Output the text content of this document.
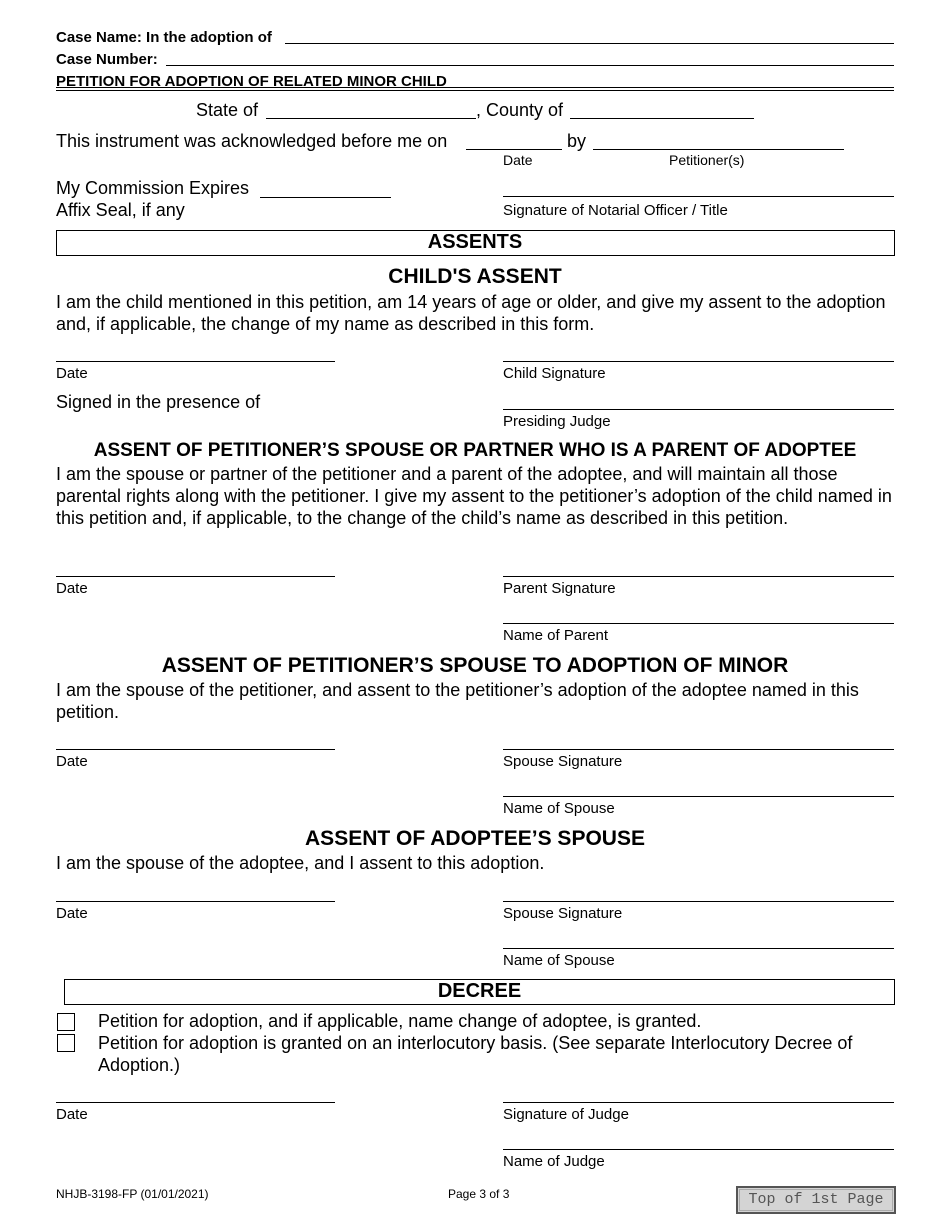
Case Name: In the adoption of
Case Number:
PETITION FOR ADOPTION OF RELATED MINOR CHILD
State of	, County of
This instrument was acknowledged before me on	by
Date	Petitioner(s)
My Commission Expires
Affix Seal, if any	Signature of Notarial Officer / Title
ASSENTS
CHILD'S ASSENT
I am the child mentioned in this petition, am 14 years of age or older, and give my assent to the adoption and, if applicable, the change of my name as described in this form.
Date	Child Signature
Signed in the presence of
Presiding Judge
ASSENT OF PETITIONER’S SPOUSE OR PARTNER WHO IS A PARENT OF ADOPTEE
I am the spouse or partner of the petitioner and a parent of the adoptee, and will maintain all those parental rights along with the petitioner. I give my assent to the petitioner’s adoption of the child named in this petition and, if applicable, to the change of the child’s name as described in this petition.
Date	Parent Signature
Name of Parent
ASSENT OF PETITIONER’S SPOUSE TO ADOPTION OF MINOR
I am the spouse of the petitioner, and assent to the petitioner’s adoption of the adoptee named in this petition.
Date	Spouse Signature
Name of Spouse
ASSENT OF ADOPTEE’S SPOUSE
I am the spouse of the adoptee, and I assent to this adoption.
Date	Spouse Signature
Name of Spouse
DECREE
Petition for adoption, and if applicable, name change of adoptee, is granted.
Petition for adoption is granted on an interlocutory basis. (See separate Interlocutory Decree of Adoption.)
Date	Signature of Judge
Name of Judge
NHJB-3198-FP (01/01/2021)	Page 3 of 3	Top of 1st Page
